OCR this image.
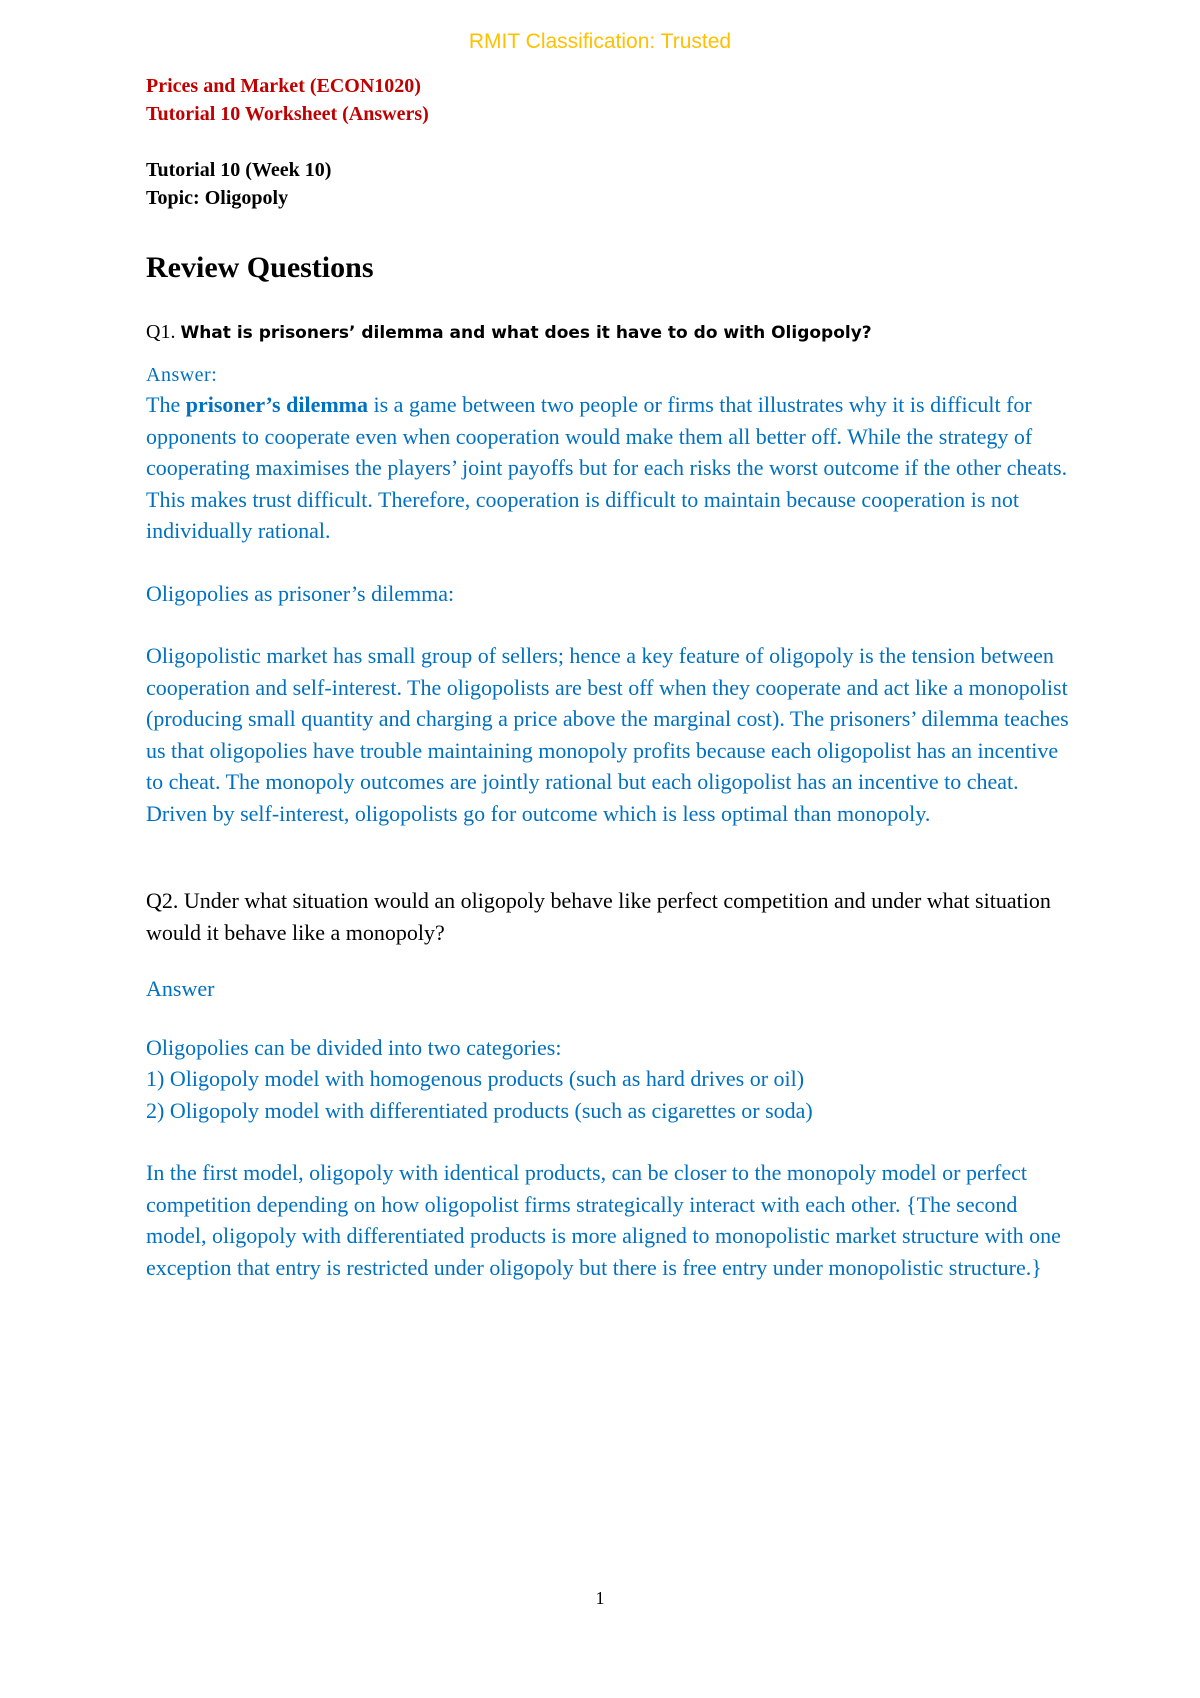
RMIT Classification: Trusted

Prices and Market (ECON1020)

Tutorial 10 Worksheet (Answers)

Tutorial 10 (Week 10)

Topic: Oligopoly

Review Questions

Q1. What is prisoners’ dilemma and what does it have to do with Oligopoly?

Answer:

The prisoner’s dilemma is a game between two people or firms that illustrates why it is difficult for opponents to cooperate even when cooperation would make them all better off. While the strategy of cooperating maximises the players’ joint payoffs but for each risks the worst outcome if the other cheats. This makes trust difficult. Therefore, cooperation is difficult to maintain because cooperation is not individually rational.

Oligopolies as prisoner’s dilemma:

Oligopolistic market has small group of sellers; hence a key feature of oligopoly is the tension between cooperation and self-interest. The oligopolists are best off when they cooperate and act like a monopolist (producing small quantity and charging a price above the marginal cost). The prisoners’ dilemma teaches us that oligopolies have trouble maintaining monopoly profits because each oligopolist has an incentive to cheat. The monopoly outcomes are jointly rational but each oligopolist has an incentive to cheat. Driven by self-interest, oligopolists go for outcome which is less optimal than monopoly.

Q2. Under what situation would an oligopoly behave like perfect competition and under what situation would it behave like a monopoly?

Answer

Oligopolies can be divided into two categories:

1) Oligopoly model with homogenous products (such as hard drives or oil)

2) Oligopoly model with differentiated products (such as cigarettes or soda)

In the first model, oligopoly with identical products, can be closer to the monopoly model or perfect competition depending on how oligopolist firms strategically interact with each other. {The second model, oligopoly with differentiated products is more aligned to monopolistic market structure with one exception that entry is restricted under oligopoly but there is free entry under monopolistic structure.}

1
